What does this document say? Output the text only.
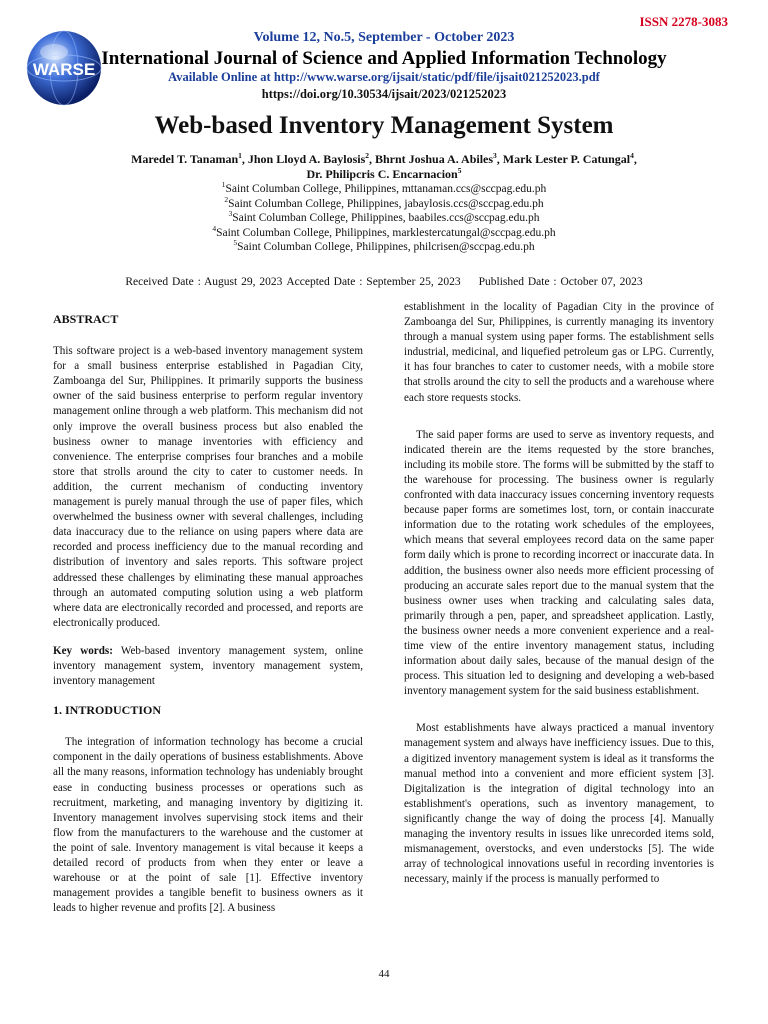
ISSN 2278-3083
WARSE
Volume 12, No.5, September - October 2023
International Journal of Science and Applied Information Technology
Available Online at http://www.warse.org/ijsait/static/pdf/file/ijsait021252023.pdf
https://doi.org/10.30534/ijsait/2023/021252023
Web-based Inventory Management System
Maredel T. Tanaman$^1$, Jhon Lloyd A. Baylosis$^2$, Bhrnt Joshua A. Abiles$^3$, Mark Lester P. Catungal$^4$,
Dr. Philipcris C. Encarnacion$^5$
$^1$Saint Columban College, Philippines, mttanaman.ccs@sccpag.edu.ph
$^2$Saint Columban College, Philippines, jabaylosis.ccs@sccpag.edu.ph
$^3$Saint Columban College, Philippines, baabiles.ccs@sccpag.edu.ph
$^4$Saint Columban College, Philippines, marklestercatungal@sccpag.edu.ph
$^5$Saint Columban College, Philippines, philcrisen@sccpag.edu.ph
Received Date : August 29, 2023 Accepted Date : September 25, 2023 Published Date : October 07, 2023
ABSTRACT

This software project is a web-based inventory management system for a small business enterprise established in Pagadian City, Zamboanga del Sur, Philippines. It primarily supports the business owner of the said business enterprise to perform regular inventory management online through a web platform. This mechanism did not only improve the overall business process but also enabled the business owner to manage inventories with efficiency and convenience. The enterprise comprises four branches and a mobile store that strolls around the city to cater to customer needs. In addition, the current mechanism of conducting inventory management is purely manual through the use of paper files, which overwhelmed the business owner with several challenges, including data inaccuracy due to the reliance on using papers where data are recorded and process inefficiency due to the manual recording and distribution of inventory and sales reports. This software project addressed these challenges by eliminating these manual approaches through an automated computing solution using a web platform where data are electronically recorded and processed, and reports are electronically produced.

Key words: Web-based inventory management system, online inventory management system, inventory management system, inventory management

1. INTRODUCTION

The integration of information technology has become a crucial component in the daily operations of business establishments. Above all the many reasons, information technology has undeniably brought ease in conducting business processes or operations such as recruitment, marketing, and managing inventory by digitizing it. Inventory management involves supervising stock items and their flow from the manufacturers to the warehouse and the customer at the point of sale. Inventory management is vital because it keeps a detailed record of products from when they enter or leave a warehouse or at the point of sale [1]. Effective inventory management provides a tangible benefit to business owners as it leads to higher revenue and profits [2]. A business

establishment in the locality of Pagadian City in the province of Zamboanga del Sur, Philippines, is currently managing its inventory through a manual system using paper forms. The establishment sells industrial, medicinal, and liquefied petroleum gas or LPG. Currently, it has four branches to cater to customer needs, with a mobile store that strolls around the city to sell the products and a warehouse where each store requests stocks.

The said paper forms are used to serve as inventory requests, and indicated therein are the items requested by the store branches, including its mobile store. The forms will be submitted by the staff to the warehouse for processing. The business owner is regularly confronted with data inaccuracy issues concerning inventory requests because paper forms are sometimes lost, torn, or contain inaccurate information due to the rotating work schedules of the employees, which means that several employees record data on the same paper form daily which is prone to recording incorrect or inaccurate data. In addition, the business owner also needs more efficient processing of producing an accurate sales report due to the manual system that the business owner uses when tracking and calculating sales data, primarily through a pen, paper, and spreadsheet application. Lastly, the business owner needs a more convenient experience and a real-time view of the entire inventory management status, including information about daily sales, because of the manual design of the process. This situation led to designing and developing a web-based inventory management system for the said business establishment.

Most establishments have always practiced a manual inventory management system and always have inefficiency issues. Due to this, a digitized inventory management system is ideal as it transforms the manual method into a convenient and more efficient system [3]. Digitalization is the integration of digital technology into an establishment's operations, such as inventory management, to significantly change the way of doing the process [4]. Manually managing the inventory results in issues like unrecorded items sold, mismanagement, overstocks, and even understocks [5]. The wide array of technological innovations useful in recording inventories is necessary, mainly if the process is manually performed to

44
